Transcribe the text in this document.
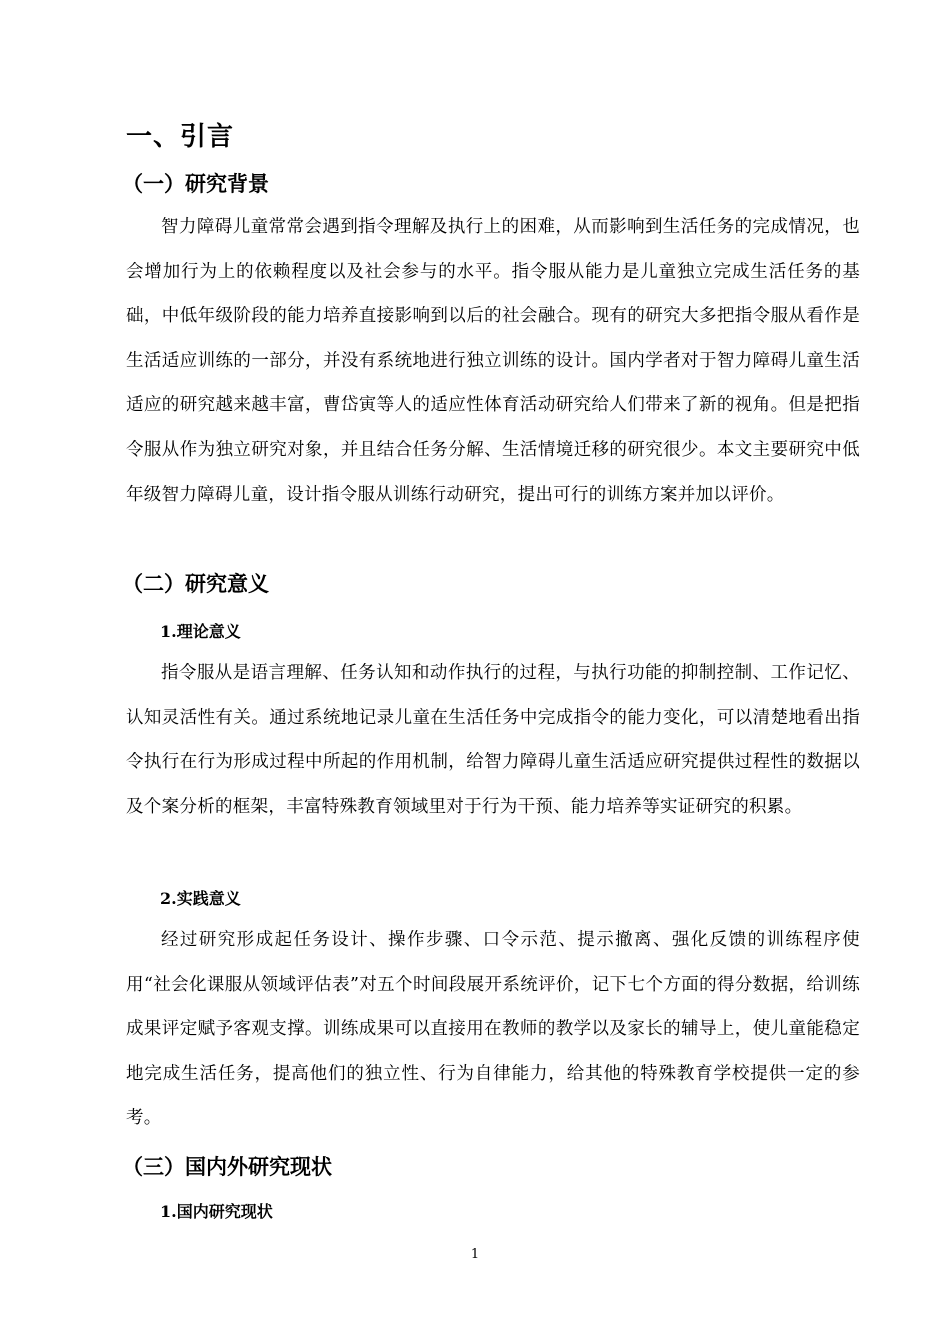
一、引言
（一）研究背景

智力障碍儿童常常会遇到指令理解及执行上的困难，从而影响到生活任务的完成情况，也会增加行为上的依赖程度以及社会参与的水平。指令服从能力是儿童独立完成生活任务的基础，中低年级阶段的能力培养直接影响到以后的社会融合。现有的研究大多把指令服从看作是生活适应训练的一部分，并没有系统地进行独立训练的设计。国内学者对于智力障碍儿童生活适应的研究越来越丰富，曹岱寅等人的适应性体育活动研究给人们带来了新的视角。但是把指令服从作为独立研究对象，并且结合任务分解、生活情境迁移的研究很少。本文主要研究中低年级智力障碍儿童，设计指令服从训练行动研究，提出可行的训练方案并加以评价。

（二）研究意义
1.理论意义

指令服从是语言理解、任务认知和动作执行的过程，与执行功能的抑制控制、工作记忆、认知灵活性有关。通过系统地记录儿童在生活任务中完成指令的能力变化，可以清楚地看出指令执行在行为形成过程中所起的作用机制，给智力障碍儿童生活适应研究提供过程性的数据以及个案分析的框架，丰富特殊教育领域里对于行为干预、能力培养等实证研究的积累。

2.实践意义

经过研究形成起任务设计、操作步骤、口令示范、提示撤离、强化反馈的训练程序使用“社会化课服从领域评估表”对五个时间段展开系统评价，记下七个方面的得分数据，给训练成果评定赋予客观支撑。训练成果可以直接用在教师的教学以及家长的辅导上，使儿童能稳定地完成生活任务，提高他们的独立性、行为自律能力，给其他的特殊教育学校提供一定的参考。

（三）国内外研究现状
1.国内研究现状

1
